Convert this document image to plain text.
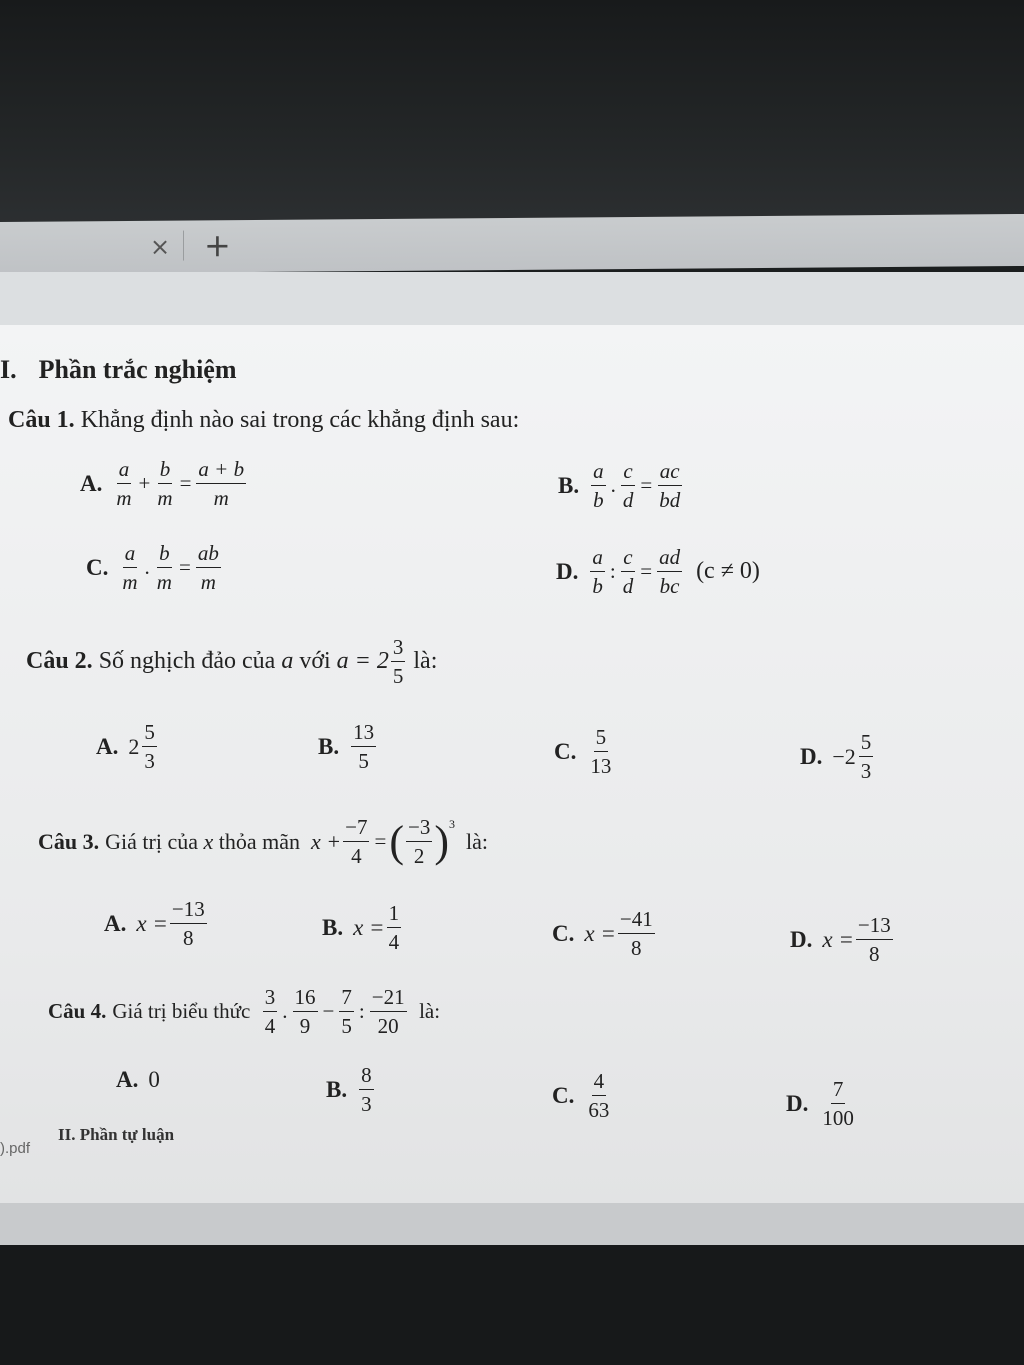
× +
I. Phần trắc nghiệm
Câu 1. Khẳng định nào sai trong các khẳng định sau:
A. $\frac{a}{m} + \frac{b}{m} = \frac{a + b}{m}$	B. $\frac{a}{b}$ . $\frac{c}{d} = \frac{ac}{bd}$
C. $\frac{a}{m}$ . $\frac{b}{m} = \frac{ab}{m}$	D. $\frac{a}{b}$ : $\frac{c}{d} = \frac{ad}{bc} (c \ne 0)$
Câu 2. Số nghịch đảo của
a
với
$a = 2 \frac{3}{5}$
là:
A. $2 \frac{5}{3}$	B. $\frac{13}{5}$	C. $\frac{5}{13}$	D. $-2 \frac{5}{3}$
Câu 3. Giá trị của
x
thỏa mãn
$x + \frac{-7}{4}$ = ( $\frac{-3}{2}$ ) 3

là:
A. $x = \frac{-13}{8}$	B. $x = \frac{1}{4}$	C. $x = \frac{-41}{8}$	D. $x = \frac{-13}{8}$
Câu 4. Giá trị biểu thức
$\frac{3}{4}$ . $\frac{16}{9} - \frac{7}{5}$ : $\frac{-21}{20}$
là:
A. 0	B. $\frac{8}{3}$	C. $\frac{4}{63}$	D. $\frac{7}{100}$
II. Phần tự luận
).pdf
